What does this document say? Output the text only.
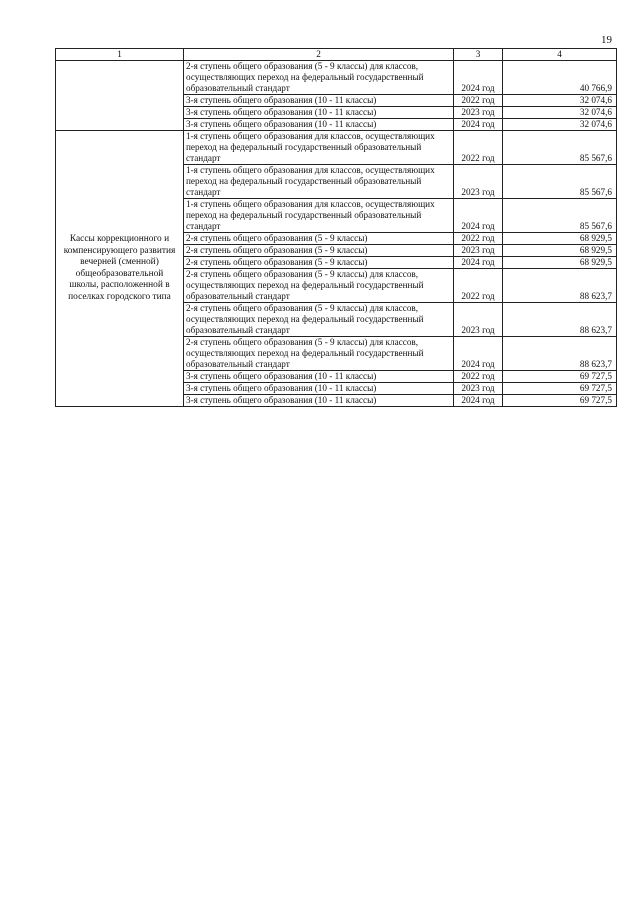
19
1	2	3	4
	2-я ступень общего образования (5 - 9 классы) для классов, осуществляющих переход на федеральный государственный образовательный стандарт	2024 год	40 766,9
	3-я ступень общего образования (10 - 11 классы)	2022 год	32 074,6
	3-я ступень общего образования (10 - 11 классы)	2023 год	32 074,6
	3-я ступень общего образования (10 - 11 классы)	2024 год	32 074,6
Кассы коррекционного и компенсирующего развития вечерней (сменной) общеобразовательной школы, расположенной в поселках городского типа	1-я ступень общего образования для классов, осуществляющих переход на федеральный государственный образовательный стандарт	2022 год	85 567,6
	1-я ступень общего образования для классов, осуществляющих переход на федеральный государственный образовательный стандарт	2023 год	85 567,6
	1-я ступень общего образования для классов, осуществляющих переход на федеральный государственный образовательный стандарт	2024 год	85 567,6
	2-я ступень общего образования (5 - 9 классы)	2022 год	68 929,5
	2-я ступень общего образования (5 - 9 классы)	2023 год	68 929,5
	2-я ступень общего образования (5 - 9 классы)	2024 год	68 929,5
	2-я ступень общего образования (5 - 9 классы) для классов, осуществляющих переход на федеральный государственный образовательный стандарт	2022 год	88 623,7
	2-я ступень общего образования (5 - 9 классы) для классов, осуществляющих переход на федеральный государственный образовательный стандарт	2023 год	88 623,7
	2-я ступень общего образования (5 - 9 классы) для классов, осуществляющих переход на федеральный государственный образовательный стандарт	2024 год	88 623,7
	3-я ступень общего образования (10 - 11 классы)	2022 год	69 727,5
	3-я ступень общего образования (10 - 11 классы)	2023 год	69 727,5
	3-я ступень общего образования (10 - 11 классы)	2024 год	69 727,5
